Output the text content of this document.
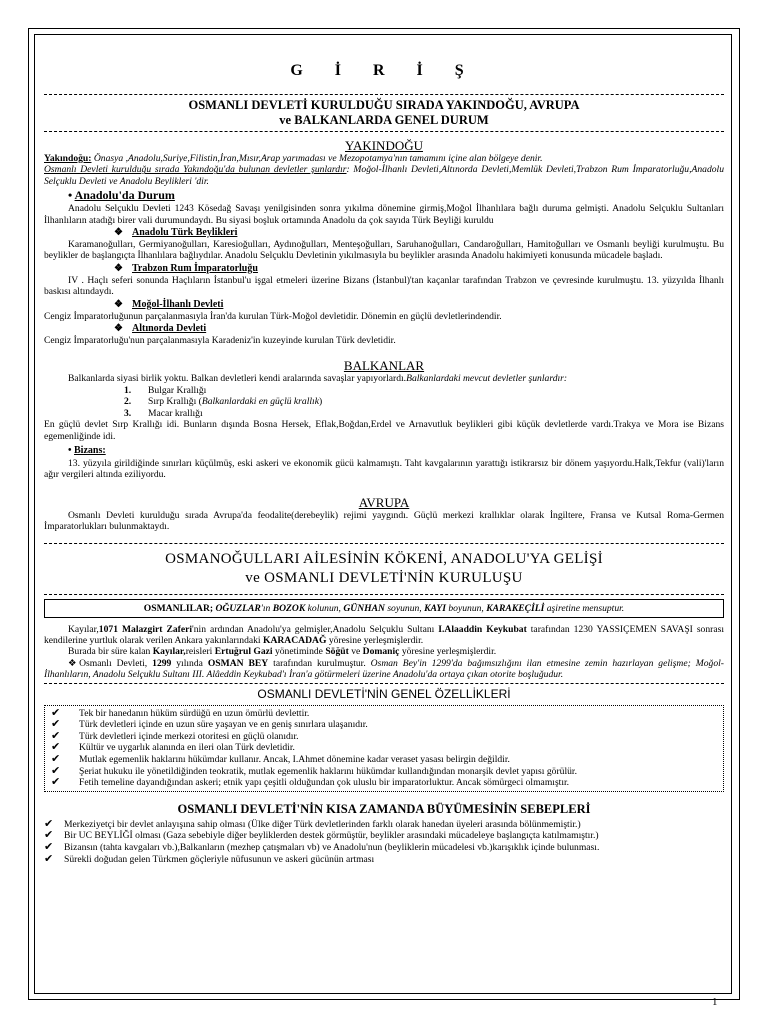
G İ R İ Ş
OSMANLI DEVLETİ KURULDUĞU SIRADA YAKINDOĞU, AVRUPA
ve BALKANLARDA GENEL DURUM
YAKINDOĞU

Yakındoğu: Önasya ,Anadolu,Suriye,Filistin,İran,Mısır,Arap yarımadası ve Mezopotamya'nın tamamını içine alan bölgeye denir.

Osmanlı Devleti kurulduğu sırada Yakındoğu'da bulunan devletler şunlardır: Moğol-İlhanlı Devleti,Altınorda Devleti,Memlük Devleti,Trabzon Rum İmparatorluğu,Anadolu Selçuklu Devleti ve Anadolu Beylikleri 'dir.

• Anadolu'da Durum

Anadolu Selçuklu Devleti 1243 Kösedağ Savaşı yenilgisinden sonra yıkılma dönemine girmiş,Moğol İlhanlılara bağlı duruma gelmişti. Anadolu Selçuklu Sultanları İlhanlıların atadığı birer vali durumundaydı. Bu siyasi boşluk ortamında Anadolu da çok sayıda Türk Beyliği kuruldu

❖ Anadolu Türk Beylikleri

Karamanoğulları, Germiyanoğulları, Karesioğulları, Aydınoğulları, Menteşoğulları, Saruhanoğulları, Candaroğulları, Hamitoğulları ve Osmanlı beyliği kurulmuştu. Bu beylikler de başlangıçta İlhanlılara bağlıydılar. Anadolu Selçuklu Devletinin yıkılmasıyla bu beylikler arasında Anadolu hakimiyeti konusunda mücadele başladı.

❖ Trabzon Rum İmparatorluğu

IV . Haçlı seferi sonunda Haçlıların İstanbul'u işgal etmeleri üzerine Bizans (İstanbul)'tan kaçanlar tarafından Trabzon ve çevresinde kurulmuştu. 13. yüzyılda İlhanlı baskısı altındaydı.

❖ Moğol-İlhanlı Devleti

Cengiz İmparatorluğunun parçalanmasıyla İran'da kurulan Türk-Moğol devletidir. Dönemin en güçlü devletlerindendir.

❖ Altınorda Devleti

Cengiz İmparatorluğu'nun parçalanmasıyla Karadeniz'in kuzeyinde kurulan Türk devletidir.

BALKANLAR

Balkanlarda siyasi birlik yoktu. Balkan devletleri kendi aralarında savaşlar yapıyorlardı.Balkanlardaki mevcut devletler şunlardır:

1. Bulgar Krallığı
2. Sırp Krallığı (Balkanlardaki en güçlü krallık)
3. Macar krallığı

En güçlü devlet Sırp Krallığı idi. Bunların dışında Bosna Hersek, Eflak,Boğdan,Erdel ve Arnavutluk beylikleri gibi küçük devletlerde vardı.Trakya ve Mora ise Bizans egemenliğinde idi.

• Bizans:

13. yüzyıla girildiğinde sınırları küçülmüş, eski askeri ve ekonomik gücü kalmamıştı. Taht kavgalarının yarattığı istikrarsız bir dönem yaşıyordu.Halk,Tekfur (vali)'ların ağır vergileri altında eziliyordu.

AVRUPA

Osmanlı Devleti kurulduğu sırada Avrupa'da feodalite(derebeylik) rejimi yaygındı. Güçlü merkezi krallıklar olarak İngiltere, Fransa ve Kutsal Roma-Germen İmparatorlukları bulunmaktaydı.

OSMANOĞULLARI AİLESİNİN KÖKENİ, ANADOLU'YA GELİŞİ
ve OSMANLI DEVLETİ'NİN KURULUŞU
OSMANLILAR; OĞUZLAR'ın BOZOK kolunun, GÜNHAN soyunun, KAYI boyunun, KARAKEÇİLİ aşiretine mensuptur.

Kayılar,1071 Malazgirt Zaferi'nin ardından Anadolu'ya gelmişler,Anadolu Selçuklu Sultanı I.Alaaddin Keykubat tarafından 1230 YASSIÇEMEN SAVAŞI sonrası kendilerine yurtluk olarak verilen Ankara yakınlarındaki KARACADAĞ yöresine yerleşmişlerdir.

Burada bir süre kalan Kayılar,reisleri Ertuğrul Gazi yönetiminde Söğüt ve Domaniç yöresine yerleşmişlerdir.

❖Osmanlı Devleti, 1299 yılında OSMAN BEY tarafından kurulmuştur. Osman Bey'in 1299'da bağımsızlığını ilan etmesine zemin hazırlayan gelişme; Moğol-İlhanlıların, Anadolu Selçuklu Sultanı III. Alâeddin Keykubad'ı İran'a götürmeleri üzerine Anadolu'da ortaya çıkan otorite boşluğudur.

OSMANLI DEVLETİ'NİN GENEL ÖZELLİKLERİ
✔	Tek bir hanedanın hüküm sürdüğü en uzun ömürlü devlettir.
✔	Türk devletleri içinde en uzun süre yaşayan ve en geniş sınırlara ulaşanıdır.
✔	Türk devletleri içinde merkezi otoritesi en güçlü olanıdır.
✔	Kültür ve uygarlık alanında en ileri olan Türk devletidir.
✔	Mutlak egemenlik haklarını hükümdar kullanır. Ancak, I.Ahmet dönemine kadar veraset yasası belirgin değildir.
✔	Şeriat hukuku ile yönetildiğinden teokratik, mutlak egemenlik haklarını hükümdar kullandığından monarşik devlet yapısı görülür.
✔	Fetih temeline dayandığından askeri; etnik yapı çeşitli olduğundan çok uluslu bir imparatorluktur. Ancak sömürgeci olmamıştır.
OSMANLI DEVLETİ'NİN KISA ZAMANDA BÜYÜMESİNİN SEBEPLERİ
✔	Merkeziyetçi bir devlet anlayışına sahip olması (Ülke diğer Türk devletlerinden farklı olarak hanedan üyeleri arasında bölünmemiştir.)
✔	Bir UC BEYLİĞİ olması (Gaza sebebiyle diğer beyliklerden destek görmüştür, beylikler arasındaki mücadeleye başlangıçta katılmamıştır.)
✔	Bizansın (tahta kavgaları vb.),Balkanların (mezhep çatışmaları vb) ve Anadolu'nun (beyliklerin mücadelesi vb.)karışıklık içinde bulunması.
✔	Sürekli doğudan gelen Türkmen göçleriyle nüfusunun ve askeri gücünün artması
1
